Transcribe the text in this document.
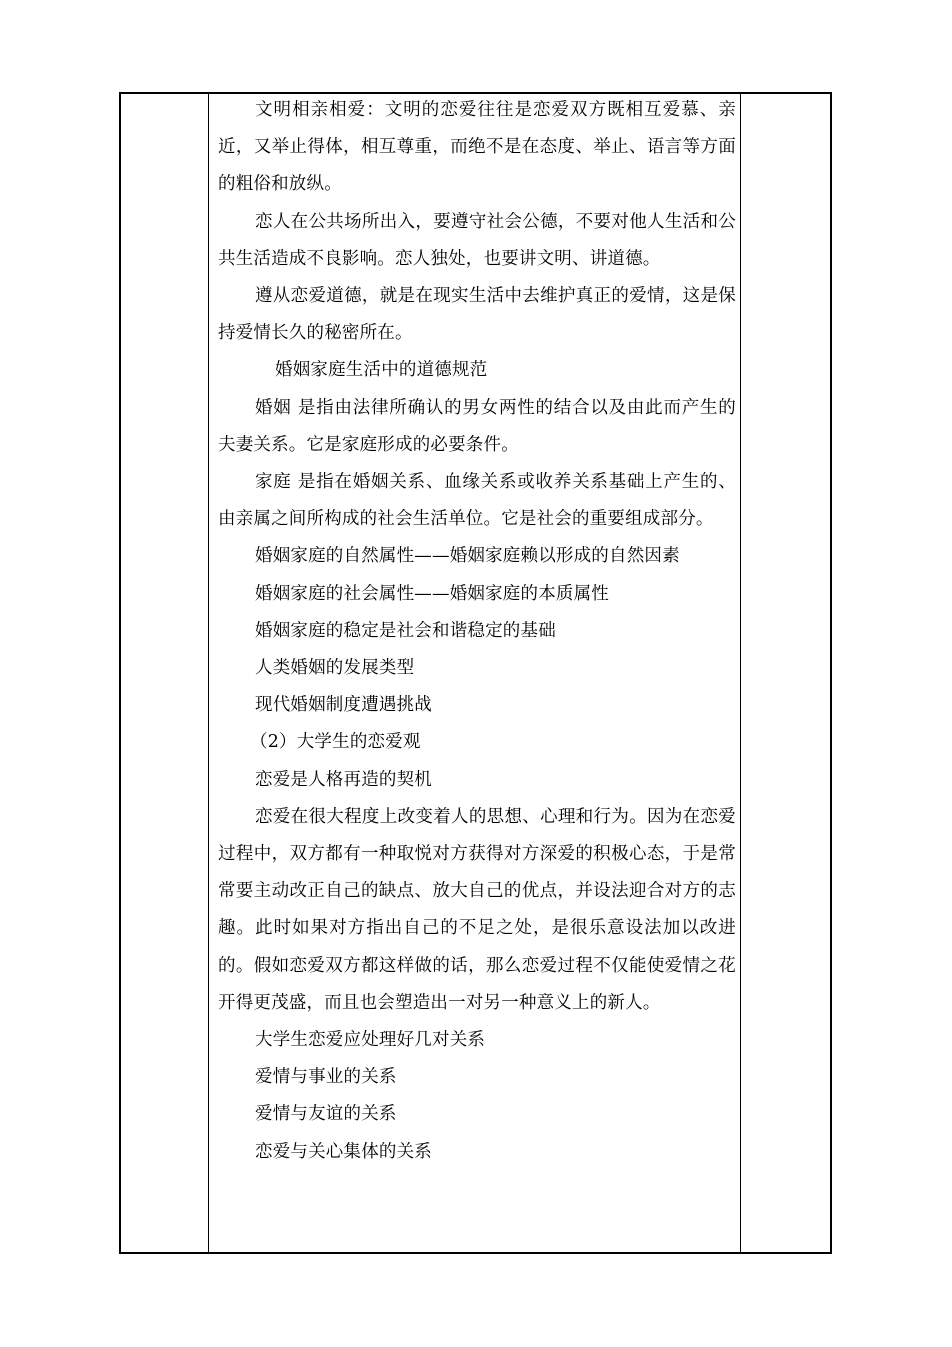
文明相亲相爱：文明的恋爱往往是恋爱双方既相互爱慕、亲近，又举止得体，相互尊重，而绝不是在态度、举止、语言等方面的粗俗和放纵。

恋人在公共场所出入，要遵守社会公德，不要对他人生活和公共生活造成不良影响。恋人独处，也要讲文明、讲道德。

遵从恋爱道德，就是在现实生活中去维护真正的爱情，这是保持爱情长久的秘密所在。

婚姻家庭生活中的道德规范

婚姻 是指由法律所确认的男女两性的结合以及由此而产生的夫妻关系。它是家庭形成的必要条件。

家庭 是指在婚姻关系、血缘关系或收养关系基础上产生的、由亲属之间所构成的社会生活单位。它是社会的重要组成部分。

婚姻家庭的自然属性——婚姻家庭赖以形成的自然因素

婚姻家庭的社会属性——婚姻家庭的本质属性

婚姻家庭的稳定是社会和谐稳定的基础

人类婚姻的发展类型

现代婚姻制度遭遇挑战

（2）大学生的恋爱观

恋爱是人格再造的契机

恋爱在很大程度上改变着人的思想、心理和行为。因为在恋爱过程中，双方都有一种取悦对方获得对方深爱的积极心态，于是常常要主动改正自己的缺点、放大自己的优点，并设法迎合对方的志趣。此时如果对方指出自己的不足之处，是很乐意设法加以改进的。假如恋爱双方都这样做的话，那么恋爱过程不仅能使爱情之花开得更茂盛，而且也会塑造出一对另一种意义上的新人。

大学生恋爱应处理好几对关系

爱情与事业的关系

爱情与友谊的关系

恋爱与关心集体的关系
